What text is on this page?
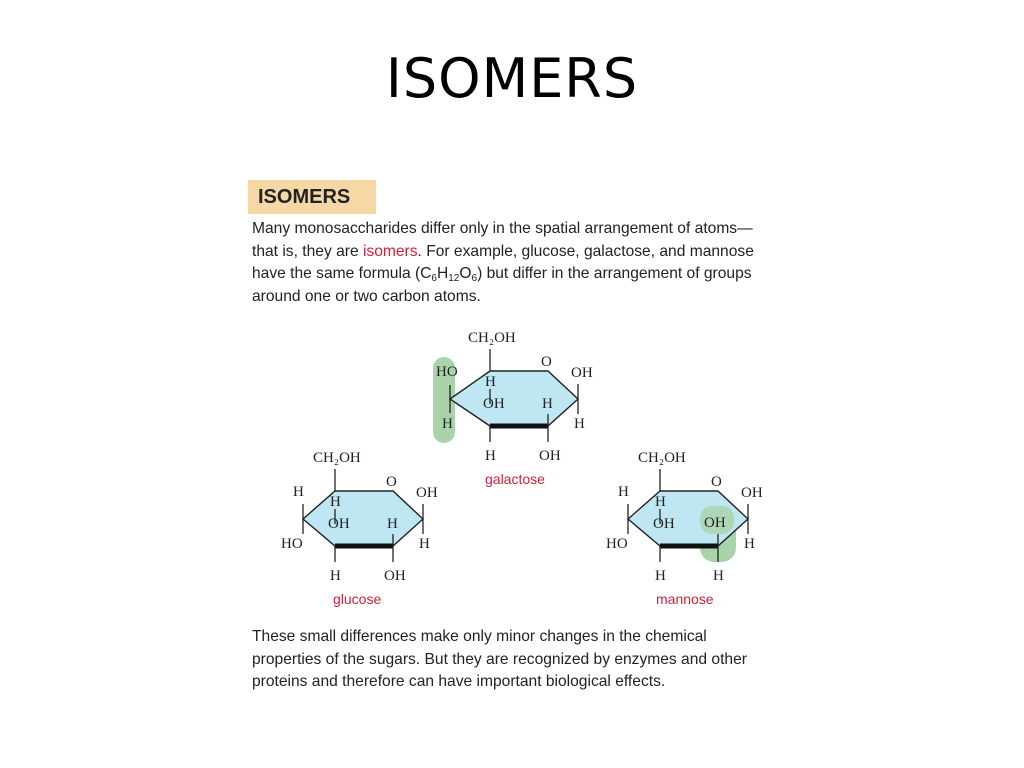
ISOMERS
ISOMERS
Many monosaccharides differ only in the spatial arrangement of atoms—that is, they are isomers. For example, glucose, galactose, and mannose have the same formula $(C_6H_{12}O_6)$ but differ in the arrangement of groups around one or two carbon atoms.
CH₂OH
O
HO
H
H
OH H
OH
H
H	OH
galactose
CH₂OH
O
H
HO
H
OH H
OH
H
H	OH
glucose
CH₂OH
O
H
HO
H
OH OH
OH
H
H	H
mannose
These small differences make only minor changes in the chemical properties of the sugars. But they are recognized by enzymes and other proteins and therefore can have important biological effects.
